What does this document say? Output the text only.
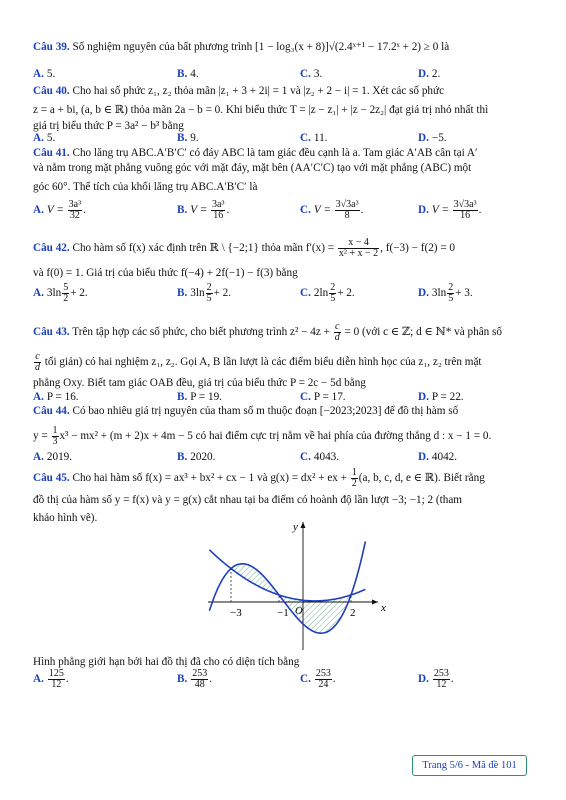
Câu 39. Số nghiệm nguyên của bất phương trình [1 − log₃(x + 8)]√(2.4ˣ⁺¹ − 17.2ˣ + 2) ≥ 0 là
A. 5.	B. 4.	C. 3.	D. 2.
Câu 40. Cho hai số phức z₁, z₂ thỏa mãn |z₁ + 3 + 2i| = 1 và |z₂ + 2 − i| = 1. Xét các số phức
z = a + bi, (a, b ∈ ℝ) thỏa mãn 2a − b = 0. Khi biểu thức T = |z − z₁| + |z − 2z₂| đạt giá trị nhỏ nhất thì
giá trị biểu thức P = 3a² − b³ bằng
A. 5.	B. 9.	C. 11.	D. −5.
Câu 41. Cho lăng trụ ABC.A′B′C′ có đáy ABC là tam giác đều cạnh là a. Tam giác A′AB cân tại A′
và nằm trong mặt phẳng vuông góc với mặt đáy, mặt bên (AA′C′C) tạo với mặt phẳng (ABC) một
góc 60°. Thể tích của khối lăng trụ ABC.A′B′C′ là
A. $V = \frac{\text{3a³}}{32}$ .	B. $V = \frac{\text{3a³}}{16}$ .	C. $V = \frac{\text{3√3a³}}{8}$ .	D. $V = \frac{\text{3√3a³}}{16}$ .
Câu 42. Cho hàm số f(x) xác định trên ℝ \ {−2;1} thỏa mãn $f'(x) = \frac{x - 4}{\text{x² + x − 2}}$ , f(−3) − f(2) = 0
và f(0) = 1. Giá trị của biểu thức f(−4) + 2f(−1) − f(3) bằng
A. $3\ln \frac{5}{2} + 2$.	B. $3\ln \frac{2}{5} + 2$.	C. $2\ln \frac{2}{5} + 2$.	D. $3\ln \frac{2}{5} + 3$.
Câu 43. Trên tập hợp các số phức, cho biết phương trình $z^2 - 4z + \frac{c}{d} = 0$ (với c ∈ ℤ; d ∈ ℕ* và phân số
$\frac{c}{d}$ tối giản) có hai nghiệm z₁, z₂. Gọi A, B lần lượt là các điểm biểu diễn hình học của z₁, z₂ trên mặt
phẳng Oxy. Biết tam giác OAB đều, giá trị của biểu thức P = 2c − 5d bằng
A. P = 16.	B. P = 19.	C. P = 17.	D. P = 22.
Câu 44. Có bao nhiêu giá trị nguyên của tham số m thuộc đoạn [−2023;2023] để đồ thị hàm số
$y = \frac{1}{3} x^3 - mx^2 + (m + 2)x + 4m - 5$ có hai điểm cực trị nằm về hai phía của đường thẳng d : x − 1 = 0.
A. 2019.	B. 2020.	C. 4043.	D. 4042.
Câu 45. Cho hai hàm số f(x) = ax³ + bx² + cx − 1 và g(x) = dx² + ex + $\frac{1}{2} (a$, b, c, d, e ∈ ℝ). Biết rằng
đồ thị của hàm số y = f(x) và y = g(x) cắt nhau tại ba điểm có hoành độ lần lượt −3; −1; 2 (tham
khảo hình vẽ).
−3	−1	2
O	x
y
Hình phẳng giới hạn bởi hai đồ thị đã cho có diện tích bằng
A. $\frac{125}{12}$ .	B. $\frac{253}{48}$ .	C. $\frac{253}{24}$ .	D. $\frac{253}{12}$ .
Trang 5/6 - Mã đề 101
